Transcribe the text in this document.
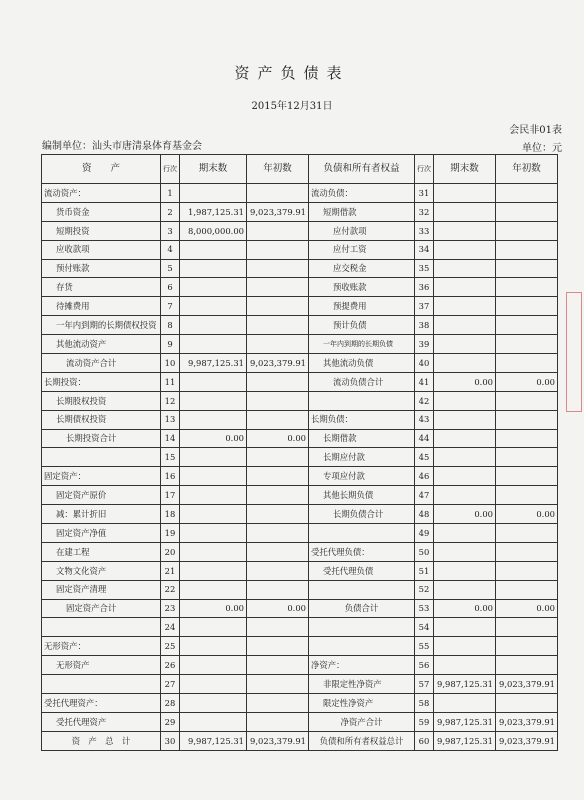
资产负债表
2015年12月31日
会民非01表
编制单位：汕头市唐清泉体育基金会	单位：元
资　　产	行次	期末数	年初数	负债和所有者权益	行次	期末数	年初数
流动资产：	1			流动负债：	31		
货币资金	2	1,987,125.31	9,023,379.91	短期借款	32		
短期投资	3	8,000,000.00		应付款项	33		
应收款项	4			应付工资	34		
预付账款	5			应交税金	35		
存货	6			预收账款	36		
待摊费用	7			预提费用	37		
一年内到期的长期债权投资	8			预计负债	38		
其他流动资产	9			一年内到期的长期负债	39		
流动资产合计	10	9,987,125.31	9,023,379.91	其他流动负债	40		
长期投资：	11			流动负债合计	41	0.00	0.00
长期股权投资	12				42		
长期债权投资	13			长期负债：	43		
长期投资合计	14	0.00	0.00	长期借款	44		
	15			长期应付款	45		
固定资产：	16			专项应付款	46		
固定资产原价	17			其他长期负债	47		
减：累计折旧	18			长期负债合计	48	0.00	0.00
固定资产净值	19				49		
在建工程	20			受托代理负债：	50		
文物文化资产	21			受托代理负债	51		
固定资产清理	22				52		
固定资产合计	23	0.00	0.00	负债合计	53	0.00	0.00
	24				54		
无形资产：	25				55		
无形资产	26			净资产：	56		
	27			非限定性净资产	57	9,987,125.31	9,023,379.91
受托代理资产：	28			限定性净资产	58		
受托代理资产	29			净资产合计	59	9,987,125.31	9,023,379.91
资　产　总　计	30	9,987,125.31	9,023,379.91	负债和所有者权益总计	60	9,987,125.31	9,023,379.91
